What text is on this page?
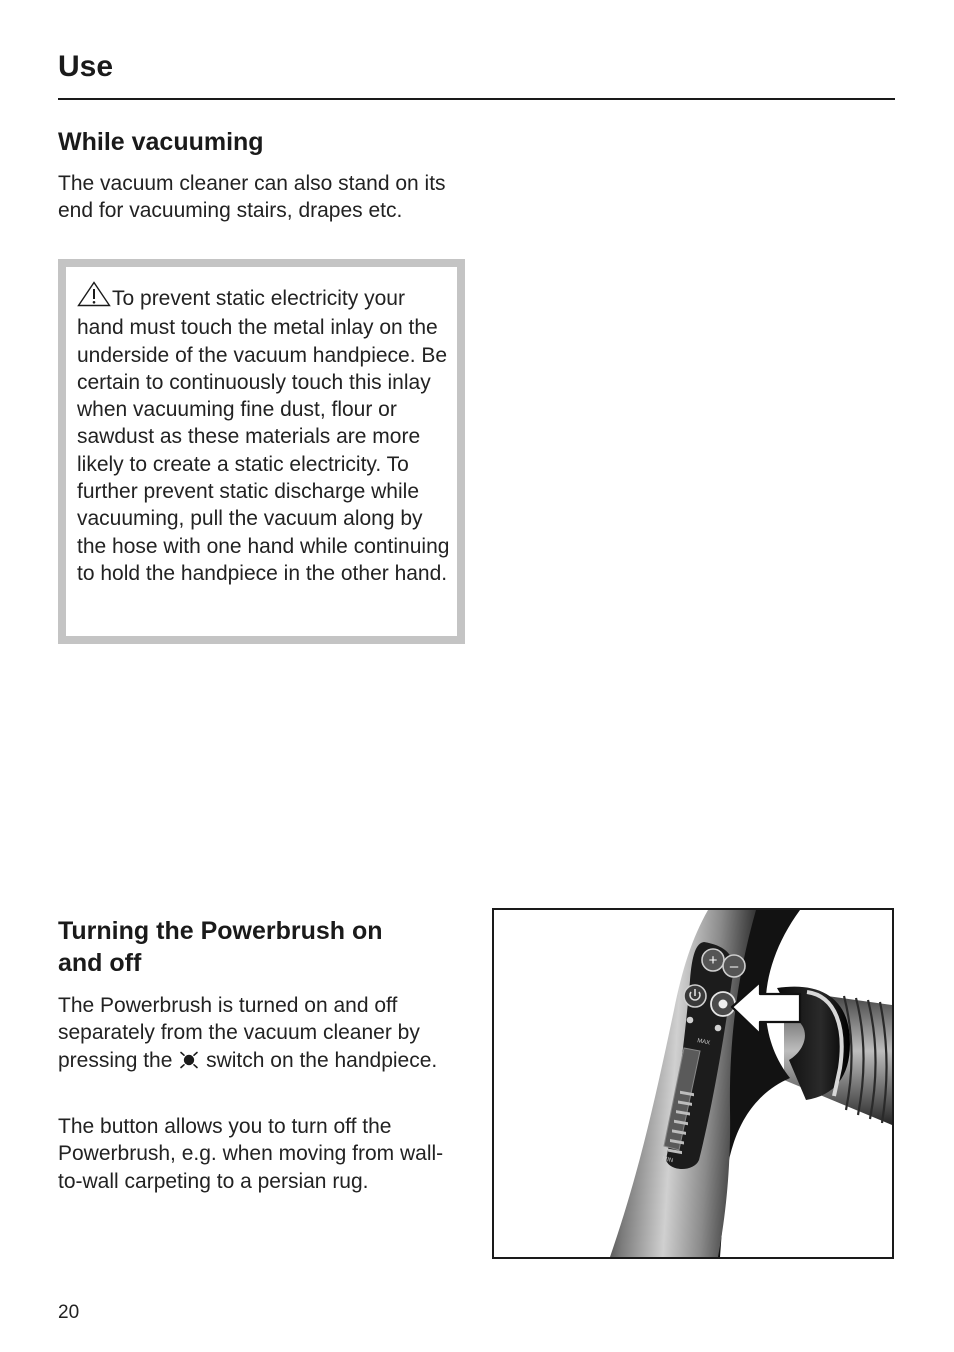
Use
While vacuuming

The vacuum cleaner can also stand on its end for vacuuming stairs, drapes etc.

To prevent static electricity your hand must touch the metal inlay on the underside of the vacuum handpiece. Be certain to continuously touch this inlay when vacuuming fine dust, flour or sawdust as these materials are more likely to create a static electricity. To further prevent static discharge while vacuuming, pull the vacuum along by the hose with one hand while continuing to hold the handpiece in the other hand.

Turning the Powerbrush on
and off

The Powerbrush is turned on and off separately from the vacuum cleaner by pressing the  switch on the handpiece.

The button allows you to turn off the Powerbrush, e.g. when moving from wall-to-wall carpeting to a persian rug.

+ –
MAX
MIN
20
